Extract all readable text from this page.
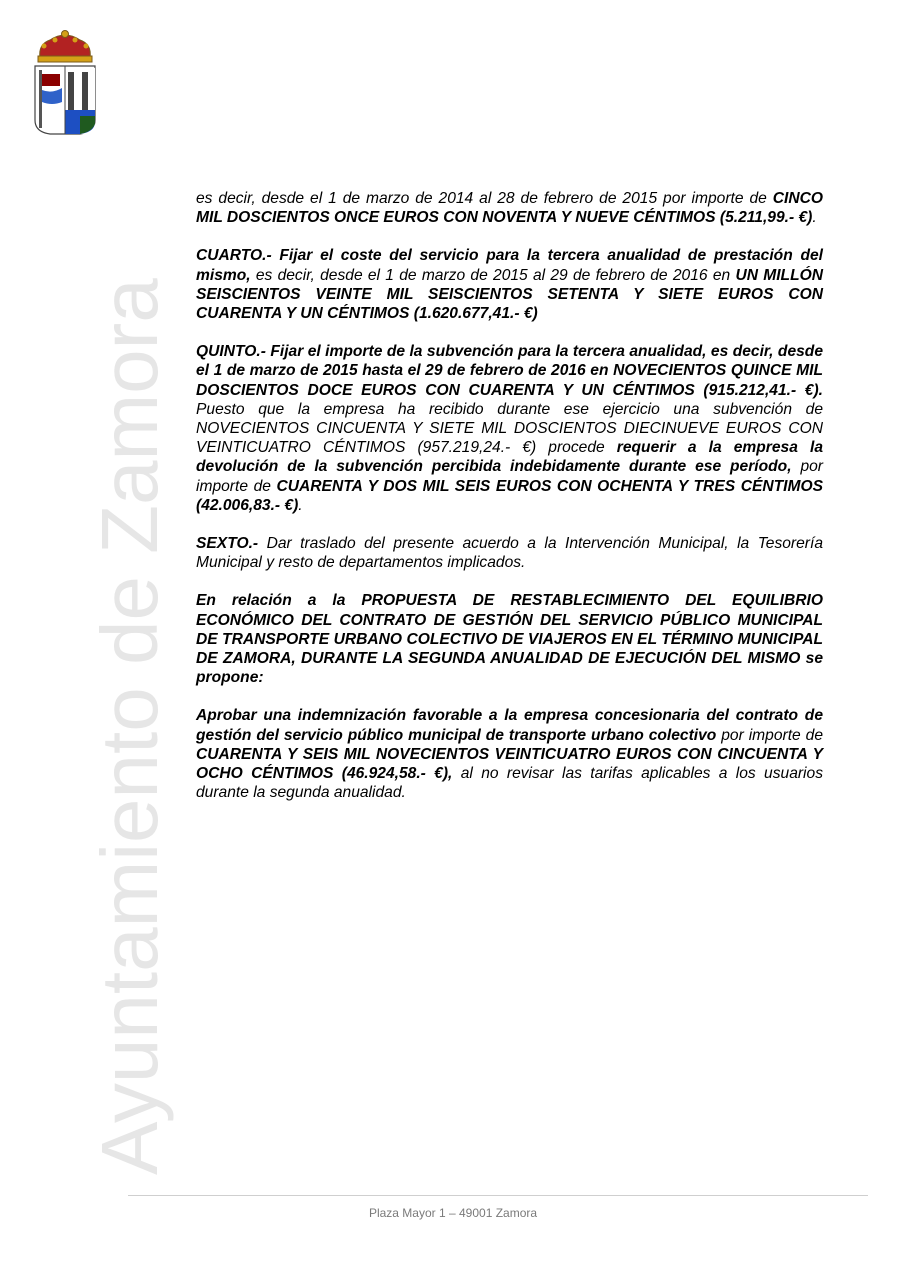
Ayuntamiento de Zamora

es decir, desde el 1 de marzo de 2014 al 28 de febrero de 2015 por importe de CINCO MIL DOSCIENTOS ONCE EUROS CON NOVENTA Y NUEVE CÉNTIMOS (5.211,99.- €).

CUARTO.- Fijar el coste del servicio para la tercera anualidad de prestación del mismo, es decir, desde el 1 de marzo de 2015 al 29 de febrero de 2016 en UN MILLÓN SEISCIENTOS VEINTE MIL SEISCIENTOS SETENTA Y SIETE EUROS CON CUARENTA Y UN CÉNTIMOS (1.620.677,41.- €)

QUINTO.- Fijar el importe de la subvención para la tercera anualidad, es decir, desde el 1 de marzo de 2015 hasta el 29 de febrero de 2016 en NOVECIENTOS QUINCE MIL DOSCIENTOS DOCE EUROS CON CUARENTA Y UN CÉNTIMOS (915.212,41.- €). Puesto que la empresa ha recibido durante ese ejercicio una subvención de NOVECIENTOS CINCUENTA Y SIETE MIL DOSCIENTOS DIECINUEVE EUROS CON VEINTICUATRO CÉNTIMOS (957.219,24.- €) procede requerir a la empresa la devolución de la subvención percibida indebidamente durante ese período, por importe de CUARENTA Y DOS MIL SEIS EUROS CON OCHENTA Y TRES CÉNTIMOS (42.006,83.- €).

SEXTO.- Dar traslado del presente acuerdo a la Intervención Municipal, la Tesorería Municipal y resto de departamentos implicados.

En relación a la PROPUESTA DE RESTABLECIMIENTO DEL EQUILIBRIO ECONÓMICO DEL CONTRATO DE GESTIÓN DEL SERVICIO PÚBLICO MUNICIPAL DE TRANSPORTE URBANO COLECTIVO DE VIAJEROS EN EL TÉRMINO MUNICIPAL DE ZAMORA, DURANTE LA SEGUNDA ANUALIDAD DE EJECUCIÓN DEL MISMO se propone:

Aprobar una indemnización favorable a la empresa concesionaria del contrato de gestión del servicio público municipal de transporte urbano colectivo por importe de CUARENTA Y SEIS MIL NOVECIENTOS VEINTICUATRO EUROS CON CINCUENTA Y OCHO CÉNTIMOS (46.924,58.- €), al no revisar las tarifas aplicables a los usuarios durante la segunda anualidad.

Plaza Mayor 1 – 49001 Zamora
